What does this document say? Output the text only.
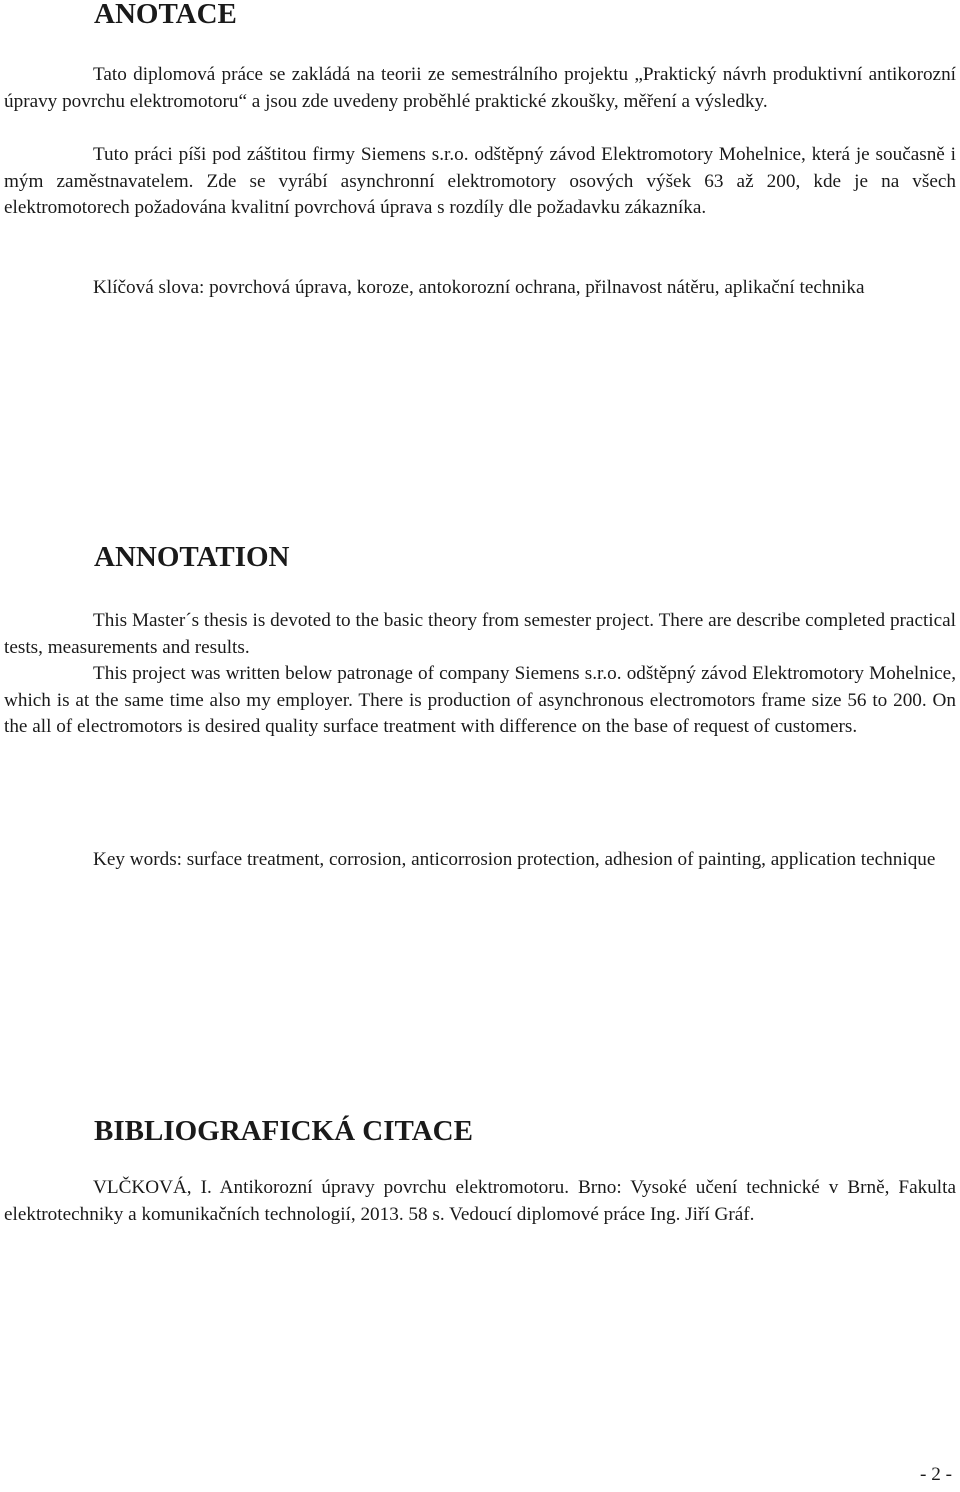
ANOTACE

Tato diplomová práce se zakládá na teorii ze semestrálního projektu „Praktický návrh produktivní antikorozní úpravy povrchu elektromotoru“ a jsou zde uvedeny proběhlé praktické zkoušky, měření a výsledky.

Tuto práci píši pod záštitou firmy Siemens s.r.o. odštěpný závod Elektromotory Mohelnice, která je současně i mým zaměstnavatelem. Zde se vyrábí asynchronní elektromotory osových výšek 63 až 200, kde je na všech elektromotorech požadována kvalitní povrchová úprava s rozdíly dle požadavku zákazníka.

Klíčová slova: povrchová úprava, koroze, antokorozní ochrana, přilnavost nátěru, aplikační technika

ANNOTATION

This Master´s thesis is devoted to the basic theory from semester project. There are describe completed practical tests, measurements and results.

This project was written below patronage of company Siemens s.r.o. odštěpný závod Elektromotory Mohelnice, which is at the same time also my employer. There is production of asynchronous electromotors frame size 56 to 200. On the all of electromotors is desired quality surface treatment with difference on the base of request of customers.

Key words: surface treatment, corrosion, anticorrosion protection, adhesion of painting, application technique

BIBLIOGRAFICKÁ CITACE

VLČKOVÁ, I. Antikorozní úpravy povrchu elektromotoru. Brno: Vysoké učení technické v Brně, Fakulta elektrotechniky a komunikačních technologií, 2013. 58 s. Vedoucí diplomové práce Ing. Jiří Gráf.

- 2 -
